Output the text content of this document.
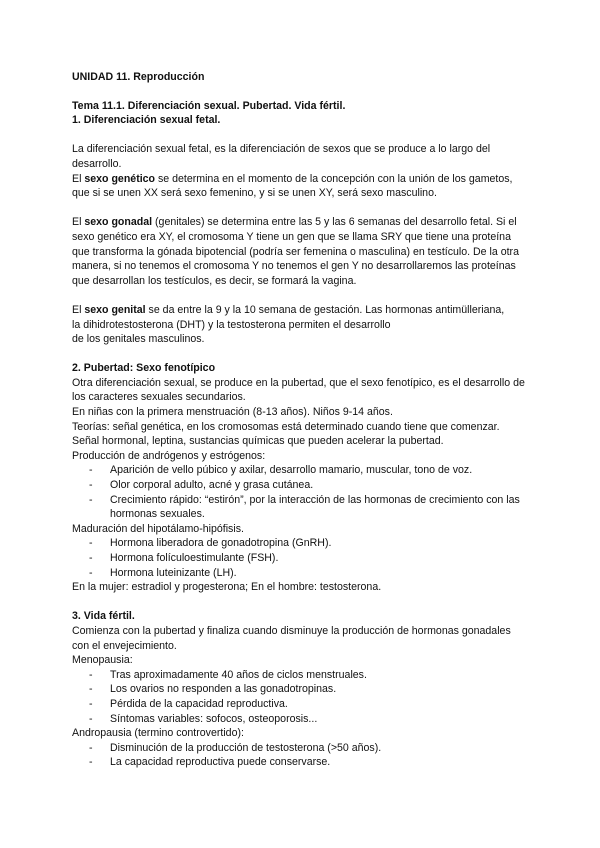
UNIDAD 11. Reproducción

Tema 11.1. Diferenciación sexual. Pubertad. Vida fértil.

1. Diferenciación sexual fetal.

La diferenciación sexual fetal, es la diferenciación de sexos que se produce a lo largo del desarrollo.

El sexo genético se determina en el momento de la concepción con la unión de los gametos, que si se unen XX será sexo femenino, y si se unen XY, será sexo masculino.

El sexo gonadal (genitales) se determina entre las 5 y las 6 semanas del desarrollo fetal. Si el sexo genético era XY, el cromosoma Y tiene un gen que se llama SRY que tiene una proteína que transforma la gónada bipotencial (podría ser femenina o masculina) en testículo. De la otra manera, si no tenemos el cromosoma Y no tenemos el gen Y no desarrollaremos las proteínas que desarrollan los testículos, es decir, se formará la vagina.

El sexo genital se da entre la 9 y la 10 semana de gestación. Las hormonas antimülleriana,
la dihidrotestosterona (DHT) y la testosterona permiten el desarrollo
de los genitales masculinos.

2. Pubertad: Sexo fenotípico

Otra diferenciación sexual, se produce en la pubertad, que el sexo fenotípico, es el desarrollo de los caracteres sexuales secundarios.

En niñas con la primera menstruación (8-13 años). Niños 9-14 años.

Teorías: señal genética, en los cromosomas está determinado cuando tiene que comenzar.

Señal hormonal, leptina, sustancias químicas que pueden acelerar la pubertad.

Producción de andrógenos y estrógenos:

- Aparición de vello púbico y axilar, desarrollo mamario, muscular, tono de voz.
- Olor corporal adulto, acné y grasa cutánea.
- Crecimiento rápido: “estirón”, por la interacción de las hormonas de crecimiento con las hormonas sexuales.

Maduración del hipotálamo-hipófisis.

- Hormona liberadora de gonadotropina (GnRH).
- Hormona folículoestimulante (FSH).
- Hormona luteinizante (LH).

En la mujer: estradiol y progesterona; En el hombre: testosterona.

3. Vida fértil.

Comienza con la pubertad y finaliza cuando disminuye la producción de hormonas gonadales con el envejecimiento.

Menopausia:

- Tras aproximadamente 40 años de ciclos menstruales.
- Los ovarios no responden a las gonadotropinas.
- Pérdida de la capacidad reproductiva.
- Síntomas variables: sofocos, osteoporosis...

Andropausia (termino controvertido):

- Disminución de la producción de testosterona (>50 años).
- La capacidad reproductiva puede conservarse.
